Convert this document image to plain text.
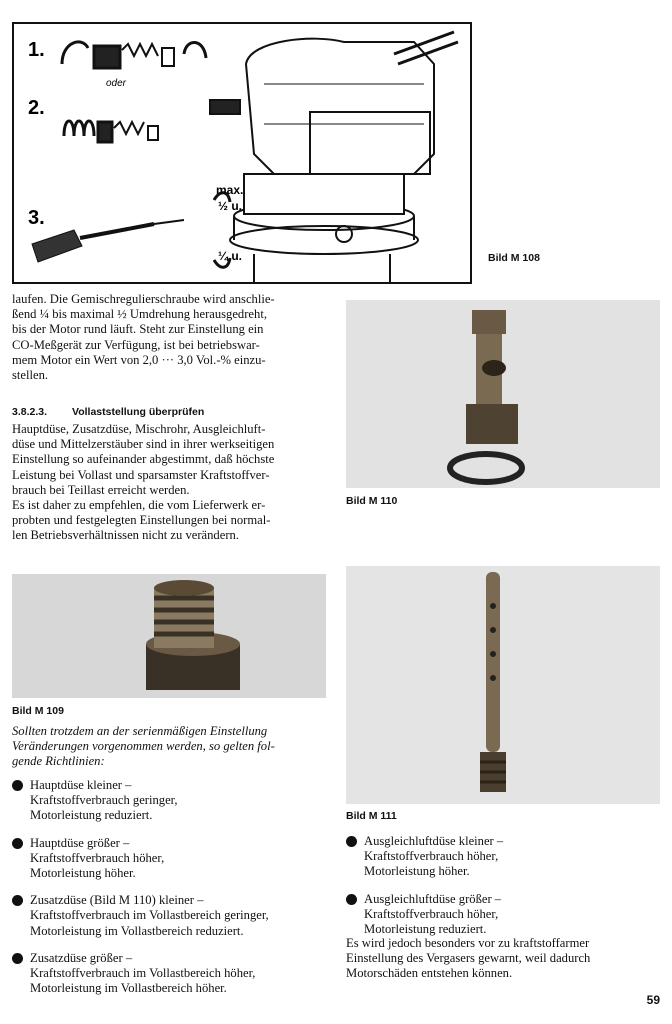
1.
2.
3.
oder
max.
½ u.
¼ u.	Bild M 108

laufen. Die Gemischregulierschraube wird anschlie-

ßend ¼ bis maximal ½ Umdrehung herausgedreht,

bis der Motor rund läuft. Steht zur Einstellung ein

CO-Meßgerät zur Verfügung, ist bei betriebswar-

mem Motor ein Wert von 2,0 ··· 3,0 Vol.-% einzu-

stellen.

3.8.2.3. Vollaststellung überprüfen

Hauptdüse, Zusatzdüse, Mischrohr, Ausgleichluft-

düse und Mittelzerstäuber sind in ihrer werkseitigen

Einstellung so aufeinander abgestimmt, daß höchste

Leistung bei Vollast und sparsamster Kraftstoffver-

brauch bei Teillast erreicht werden.

Es ist daher zu empfehlen, die vom Lieferwerk er-

probten und festgelegten Einstellungen bei normal-

len Betriebsverhältnissen nicht zu verändern.

Bild M 110
Bild M 109

Sollten trotzdem an der serienmäßigen Einstellung

Veränderungen vorgenommen werden, so gelten fol-

gende Richtlinien:

Hauptdüse kleiner –
Kraftstoffverbrauch geringer,
Motorleistung reduziert.
Hauptdüse größer –
Kraftstoffverbrauch höher,
Motorleistung höher.
Zusatzdüse (Bild M 110) kleiner –
Kraftstoffverbrauch im Vollastbereich geringer,
Motorleistung im Vollastbereich reduziert.
Zusatzdüse größer –
Kraftstoffverbrauch im Vollastbereich höher,
Motorleistung im Vollastbereich höher.
Bild M 111
Ausgleichluftdüse kleiner –
Kraftstoffverbrauch höher,
Motorleistung höher.
Ausgleichluftdüse größer –
Kraftstoffverbrauch höher,
Motorleistung reduziert.

Es wird jedoch besonders vor zu kraftstoffarmer

Einstellung des Vergasers gewarnt, weil dadurch

Motorschäden entstehen können.

59
